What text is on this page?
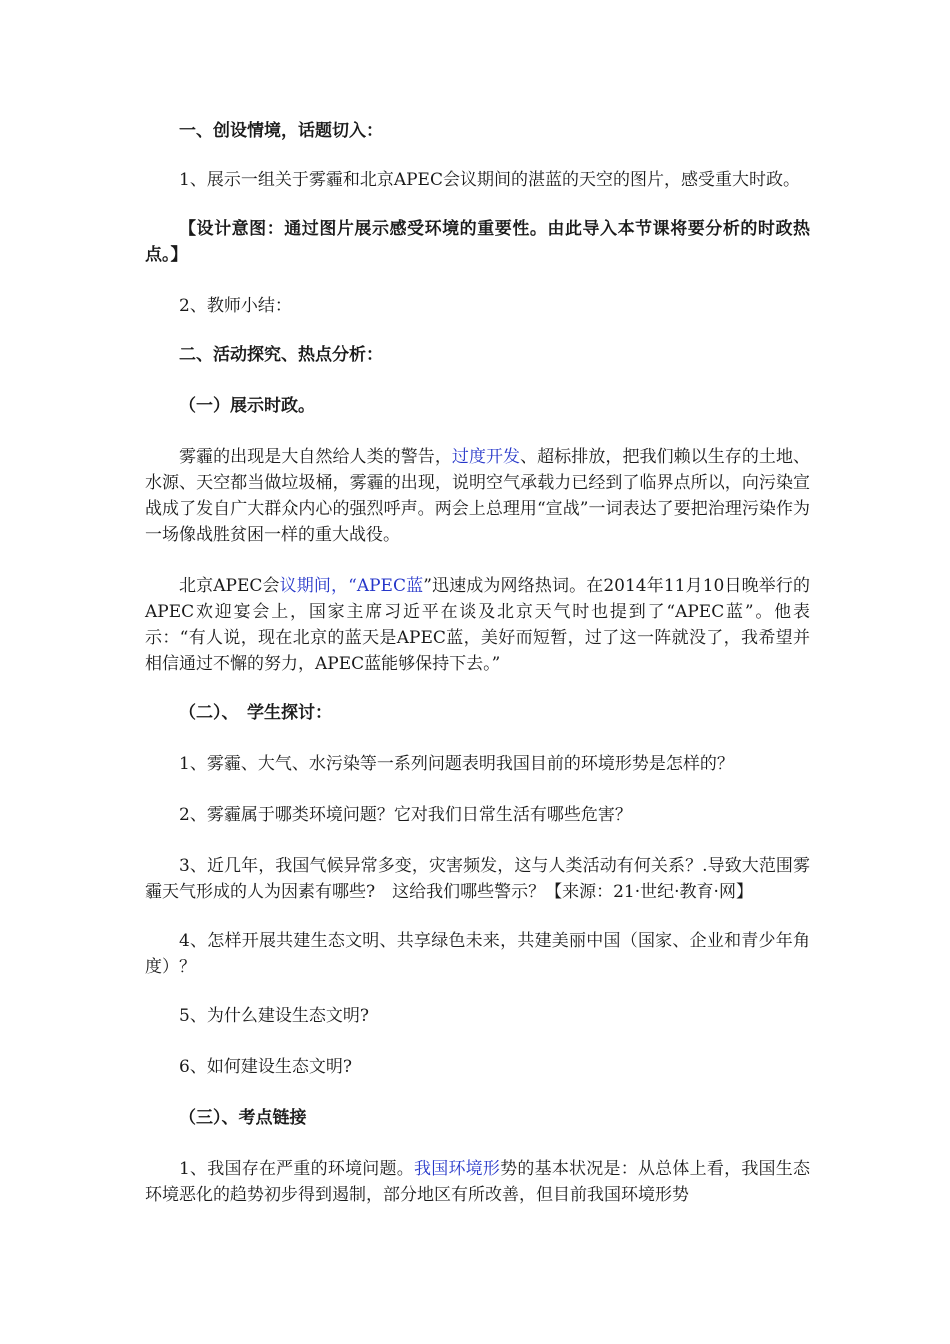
一、创设情境，话题切入：

1、展示一组关于雾霾和北京APEC会议期间的湛蓝的天空的图片，感受重大时政。

【设计意图：通过图片展示感受环境的重要性。由此导入本节课将要分析的时政热点。】

2、教师小结：

二、活动探究、热点分析：

（一）展示时政。

雾霾的出现是大自然给人类的警告，过度开发、超标排放，把我们赖以生存的土地、水源、天空都当做垃圾桶，雾霾的出现，说明空气承载力已经到了临界点所以，向污染宣战成了发自广大群众内心的强烈呼声。两会上总理用“宣战”一词表达了要把治理污染作为一场像战胜贫困一样的重大战役。

北京APEC会议期间，“APEC蓝”迅速成为网络热词。在2014年11月10日晚举行的APEC欢迎宴会上，国家主席习近平在谈及北京天气时也提到了“APEC蓝”。他表示：“有人说，现在北京的蓝天是APEC蓝，美好而短暂，过了这一阵就没了，我希望并相信通过不懈的努力，APEC蓝能够保持下去。”

（二）、　学生探讨：

1、雾霾、大气、水污染等一系列问题表明我国目前的环境形势是怎样的？

2、雾霾属于哪类环境问题？它对我们日常生活有哪些危害？

3、近几年，我国气候异常多变，灾害频发，这与人类活动有何关系？.导致大范围雾霾天气形成的人为因素有哪些?　这给我们哪些警示？【来源：21·世纪·教育·网】

4、怎样开展共建生态文明、共享绿色未来，共建美丽中国（国家、企业和青少年角度）？

5、为什么建设生态文明?

6、如何建设生态文明?

（三）、考点链接

1、我国存在严重的环境问题。我国环境形势的基本状况是：从总体上看，我国生态环境恶化的趋势初步得到遏制，部分地区有所改善，但目前我国环境形势
